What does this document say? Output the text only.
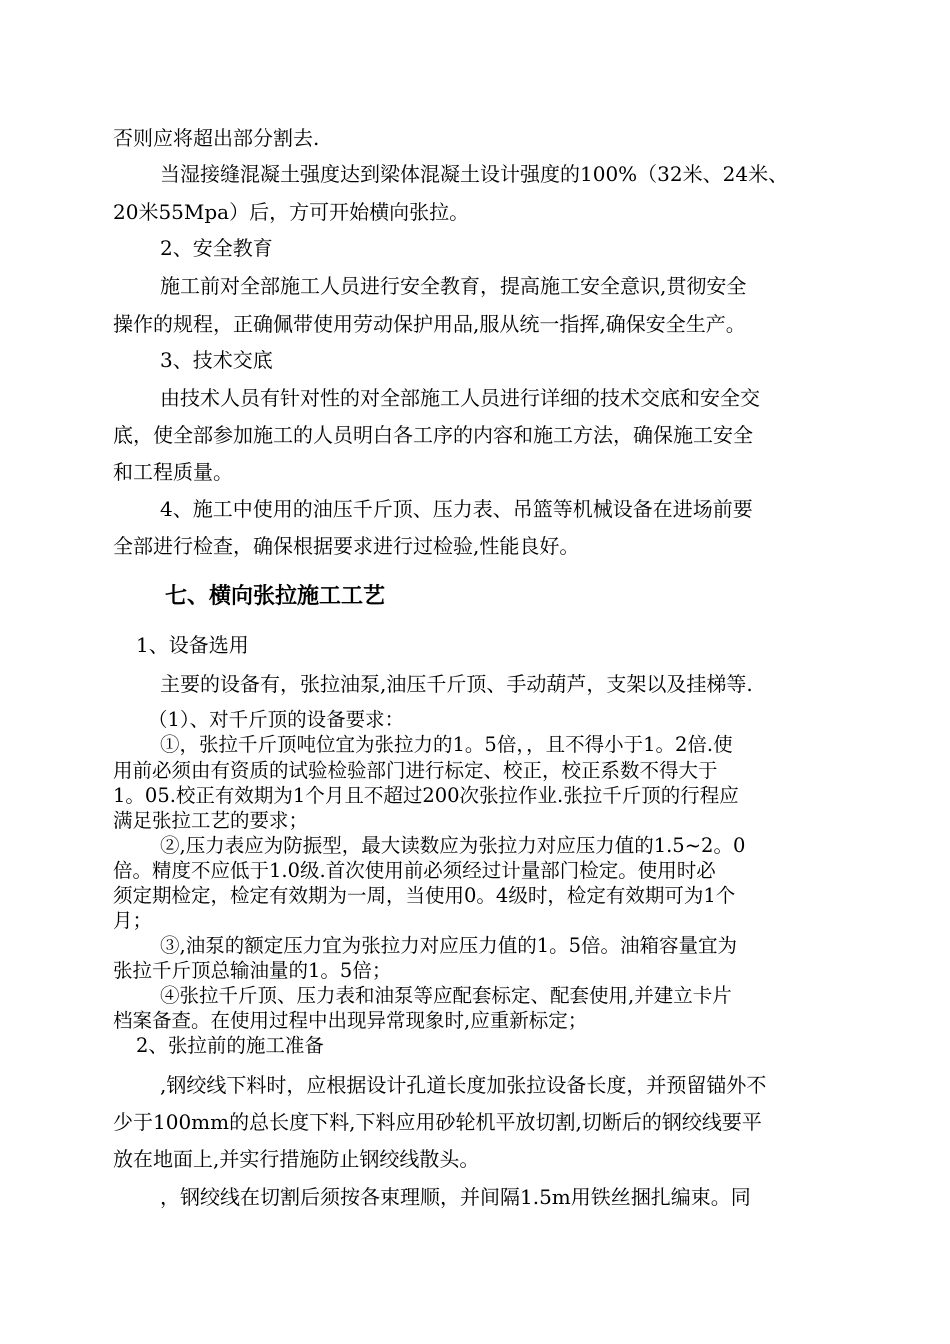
否则应将超出部分割去.
当湿接缝混凝土强度达到梁体混凝土设计强度的100%（32米、24米、
20米55Mpa）后，方可开始横向张拉。
2、安全教育
施工前对全部施工人员进行安全教育，提高施工安全意识,贯彻安全
操作的规程，正确佩带使用劳动保护用品,服从统一指挥,确保安全生产。
3、技术交底
由技术人员有针对性的对全部施工人员进行详细的技术交底和安全交
底，使全部参加施工的人员明白各工序的内容和施工方法，确保施工安全
和工程质量。
4、施工中使用的油压千斤顶、压力表、吊篮等机械设备在进场前要
全部进行检查，确保根据要求进行过检验,性能良好。
七、横向张拉施工工艺
1、设备选用
主要的设备有，张拉油泵,油压千斤顶、手动葫芦，支架以及挂梯等.
（1）、对千斤顶的设备要求：
①，张拉千斤顶吨位宜为张拉力的1。5倍，，且不得小于1。2倍.使
用前必须由有资质的试验检验部门进行标定、校正，校正系数不得大于
1。05.校正有效期为1个月且不超过200次张拉作业.张拉千斤顶的行程应
满足张拉工艺的要求；
②,压力表应为防振型，最大读数应为张拉力对应压力值的1.5~2。0
倍。精度不应低于1.0级.首次使用前必须经过计量部门检定。使用时必
须定期检定，检定有效期为一周，当使用0。4级时，检定有效期可为1个
月；
③,油泵的额定压力宜为张拉力对应压力值的1。5倍。油箱容量宜为
张拉千斤顶总输油量的1。5倍；
④张拉千斤顶、压力表和油泵等应配套标定、配套使用,并建立卡片
档案备查。在使用过程中出现异常现象时,应重新标定；
2、张拉前的施工准备
,钢绞线下料时，应根据设计孔道长度加张拉设备长度，并预留锚外不
少于100mm的总长度下料,下料应用砂轮机平放切割,切断后的钢绞线要平
放在地面上,并实行措施防止钢绞线散头。
，钢绞线在切割后须按各束理顺，并间隔1.5m用铁丝捆扎编束。同
